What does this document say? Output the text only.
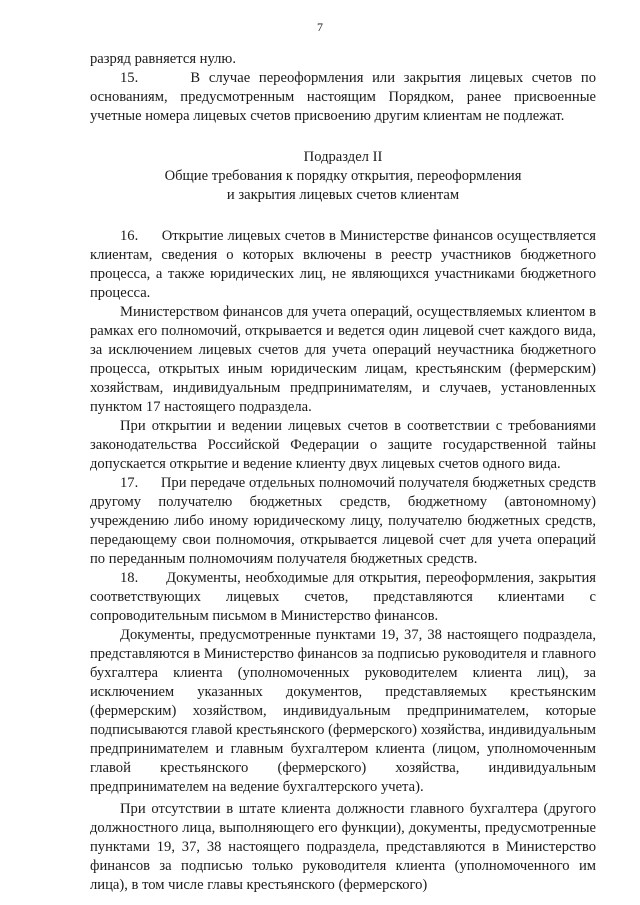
7

разряд равняется нулю.

15.      В случае переоформления или закрытия лицевых счетов по основаниям, предусмотренным настоящим Порядком, ранее присвоенные учетные номера лицевых счетов присвоению другим клиентам не подлежат.

Подраздел II
Общие требования к порядку открытия, переоформления
и закрытия лицевых счетов клиентам

16.      Открытие лицевых счетов в Министерстве финансов осуществляется клиентам, сведения о которых включены в реестр участников бюджетного процесса, а также юридических лиц, не являющихся участниками бюджетного процесса.

Министерством финансов для учета операций, осуществляемых клиентом в рамках его полномочий, открывается и ведется один лицевой счет каждого вида, за исключением лицевых счетов для учета операций неучастника бюджетного процесса, открытых иным юридическим лицам, крестьянским (фермерским) хозяйствам, индивидуальным предпринимателям, и случаев, установленных пунктом 17 настоящего подраздела.

При открытии и ведении лицевых счетов в соответствии с требованиями законодательства Российской Федерации о защите государственной тайны допускается открытие и ведение клиенту двух лицевых счетов одного вида.

17.      При передаче отдельных полномочий получателя бюджетных средств другому получателю бюджетных средств, бюджетному (автономному) учреждению либо иному юридическому лицу, получателю бюджетных средств, передающему свои полномочия, открывается лицевой счет для учета операций по переданным полномочиям получателя бюджетных средств.

18.      Документы, необходимые для открытия, переоформления, закрытия соответствующих лицевых счетов, представляются клиентами с сопроводительным письмом в Министерство финансов.

Документы, предусмотренные пунктами 19, 37, 38 настоящего подраздела, представляются в Министерство финансов за подписью руководителя и главного бухгалтера клиента (уполномоченных руководителем клиента лиц), за исключением указанных документов, представляемых крестьянским (фермерским) хозяйством, индивидуальным предпринимателем, которые подписываются главой крестьянского (фермерского) хозяйства, индивидуальным предпринимателем и главным бухгалтером клиента (лицом, уполномоченным главой крестьянского (фермерского) хозяйства, индивидуальным предпринимателем на ведение бухгалтерского учета).

При отсутствии в штате клиента должности главного бухгалтера (другого должностного лица, выполняющего его функции), документы, предусмотренные пунктами 19, 37, 38 настоящего подраздела, представляются в Министерство финансов за подписью только руководителя клиента (уполномоченного им лица), в том числе главы крестьянского (фермерского)
